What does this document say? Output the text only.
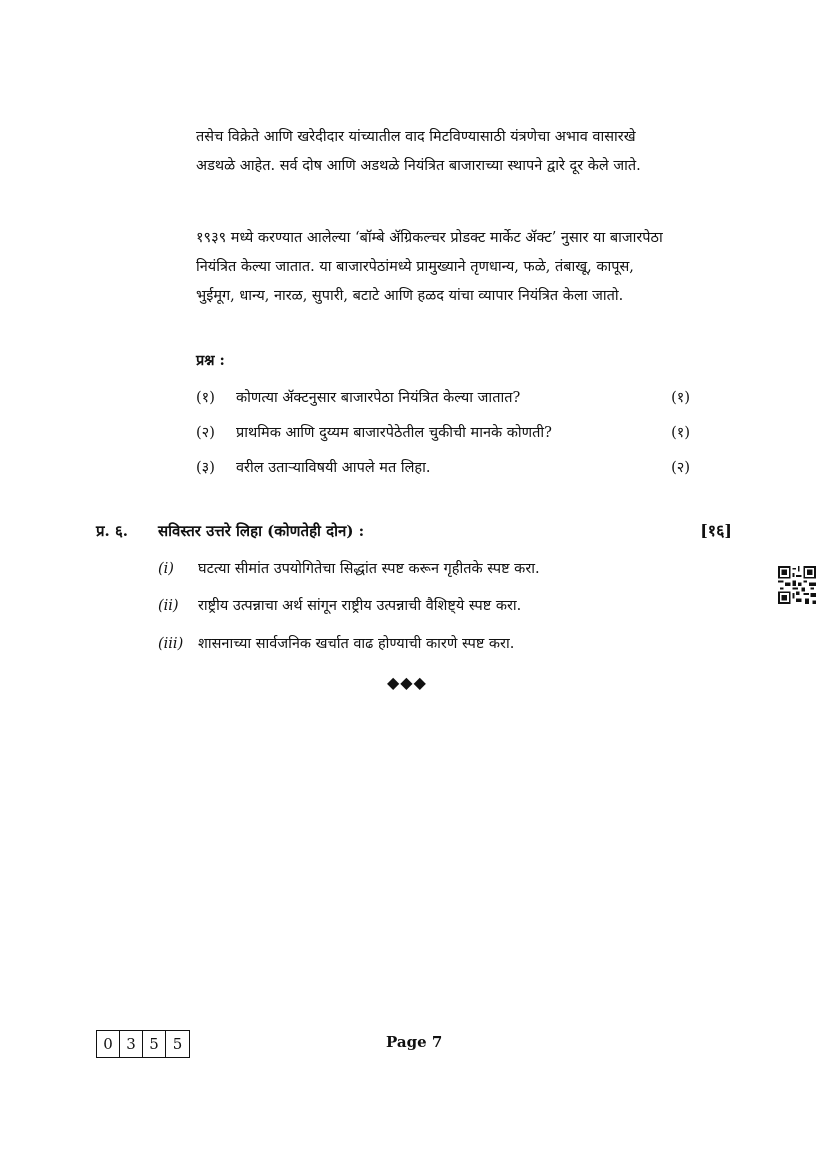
तसेच विक्रेते आणि खरेदीदार यांच्यातील वाद मिटविण्यासाठी यंत्रणेचा अभाव वासारखे अडथळे आहेत. सर्व दोष आणि अडथळे नियंत्रित बाजाराच्या स्थापने द्वारे दूर केले जाते.

१९३९ मध्ये करण्यात आलेल्या ‘बॉम्बे ॲग्रिकल्चर प्रोडक्ट मार्केट ॲक्ट’ नुसार या बाजारपेठा नियंत्रित केल्या जातात. या बाजारपेठांमध्ये प्रामुख्याने तृणधान्य, फळे, तंबाखू, कापूस, भुईमूग, धान्य, नारळ, सुपारी, बटाटे आणि हळद यांचा व्यापार नियंत्रित केला जातो.

प्रश्न :
(१)	कोणत्या ॲक्टनुसार बाजारपेठा नियंत्रित केल्या जातात?	(१)
(२)	प्राथमिक आणि दुय्यम बाजारपेठेतील चुकीची मानके कोणती?	(१)
(३)	वरील उताऱ्याविषयी आपले मत लिहा.	(२)
प्र. ६. सविस्तर उत्तरे लिहा (कोणतेही दोन) :	[१६]
(i) घटत्या सीमांत उपयोगितेचा सिद्धांत स्पष्ट करून गृहीतके स्पष्ट करा.
(ii) राष्ट्रीय उत्पन्नाचा अर्थ सांगून राष्ट्रीय उत्पन्नाची वैशिष्ट्ये स्पष्ट करा.
(iii) शासनाच्या सार्वजनिक खर्चात वाढ होण्याची कारणे स्पष्ट करा.
◆◆◆
0 3 5 5	Page 7
